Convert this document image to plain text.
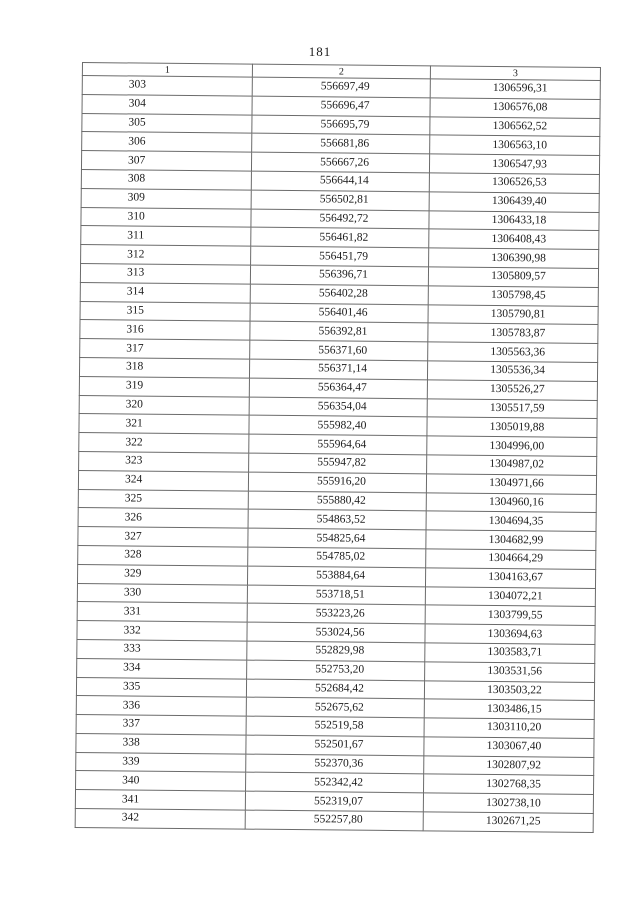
181
1	2	3
303	556697,49	1306596,31
304	556696,47	1306576,08
305	556695,79	1306562,52
306	556681,86	1306563,10
307	556667,26	1306547,93
308	556644,14	1306526,53
309	556502,81	1306439,40
310	556492,72	1306433,18
311	556461,82	1306408,43
312	556451,79	1306390,98
313	556396,71	1305809,57
314	556402,28	1305798,45
315	556401,46	1305790,81
316	556392,81	1305783,87
317	556371,60	1305563,36
318	556371,14	1305536,34
319	556364,47	1305526,27
320	556354,04	1305517,59
321	555982,40	1305019,88
322	555964,64	1304996,00
323	555947,82	1304987,02
324	555916,20	1304971,66
325	555880,42	1304960,16
326	554863,52	1304694,35
327	554825,64	1304682,99
328	554785,02	1304664,29
329	553884,64	1304163,67
330	553718,51	1304072,21
331	553223,26	1303799,55
332	553024,56	1303694,63
333	552829,98	1303583,71
334	552753,20	1303531,56
335	552684,42	1303503,22
336	552675,62	1303486,15
337	552519,58	1303110,20
338	552501,67	1303067,40
339	552370,36	1302807,92
340	552342,42	1302768,35
341	552319,07	1302738,10
342	552257,80	1302671,25
